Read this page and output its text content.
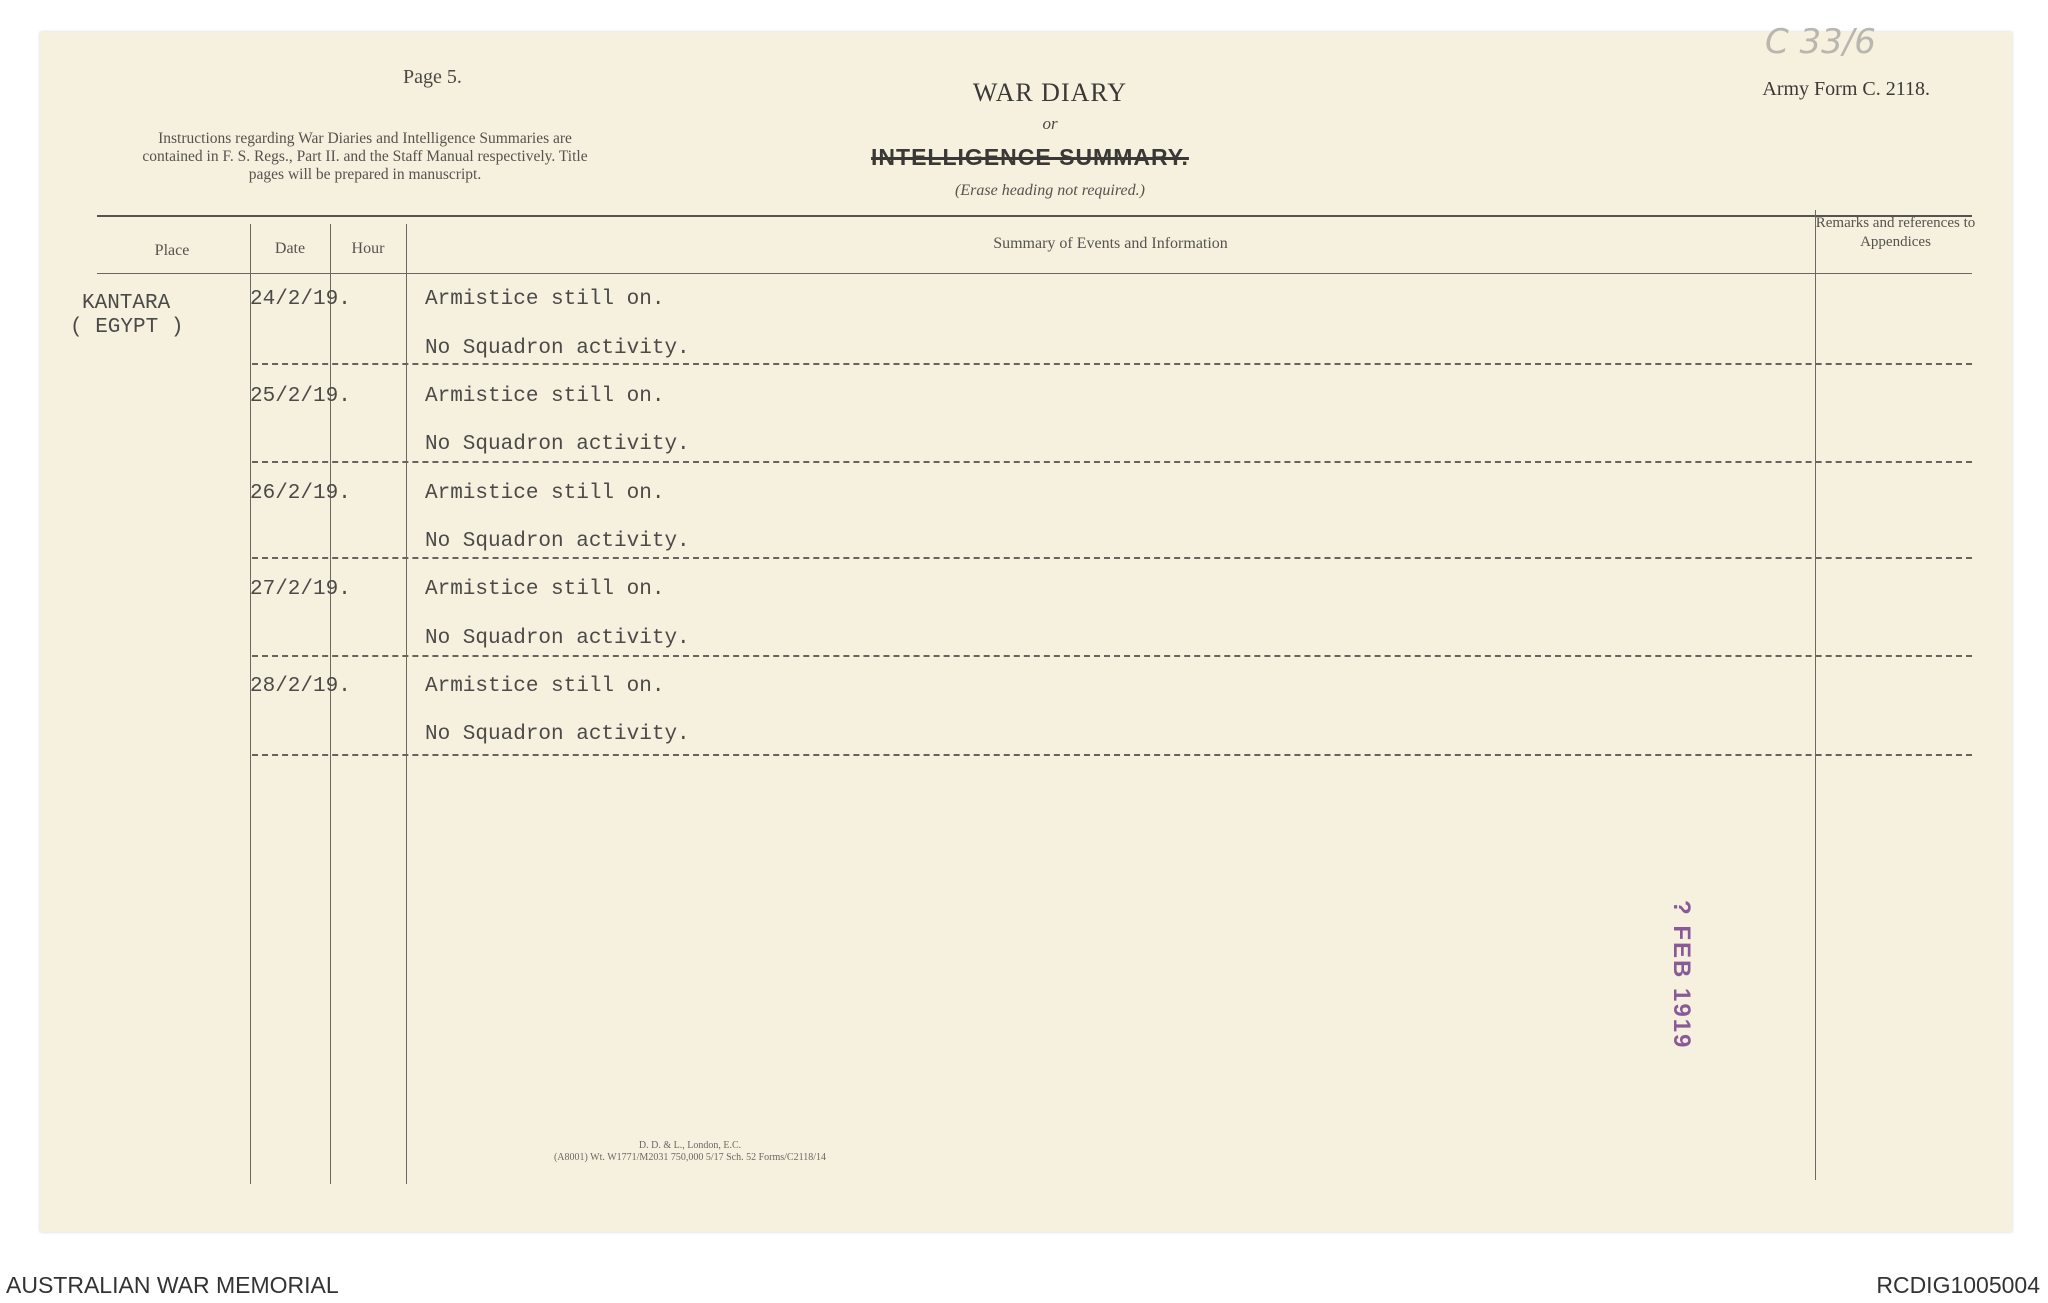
Page 5.
Instructions regarding War Diaries and Intelligence Summaries are contained in F. S. Regs., Part II. and the Staff Manual respectively. Title pages will be prepared in manuscript.
WAR DIARY
or
INTELLIGENCE SUMMARY.
(Erase heading not required.)
Army Form C. 2118.
C 33/6
Place	Date	Hour	Summary of Events and Information
Remarks and references to Appendices
KANTARA
( EGYPT )
24/2/19.	Armistice still on.
No Squadron activity.
25/2/19.	Armistice still on.
No Squadron activity.
26/2/19.	Armistice still on.
No Squadron activity.
27/2/19.	Armistice still on.
No Squadron activity.
28/2/19.	Armistice still on.
No Squadron activity.
? FEB 1919
D. D. & L., London, E.C.
(A8001) Wt. W1771/M2031 750,000 5/17 Sch. 52 Forms/C2118/14
AUSTRALIAN WAR MEMORIAL	RCDIG1005004
